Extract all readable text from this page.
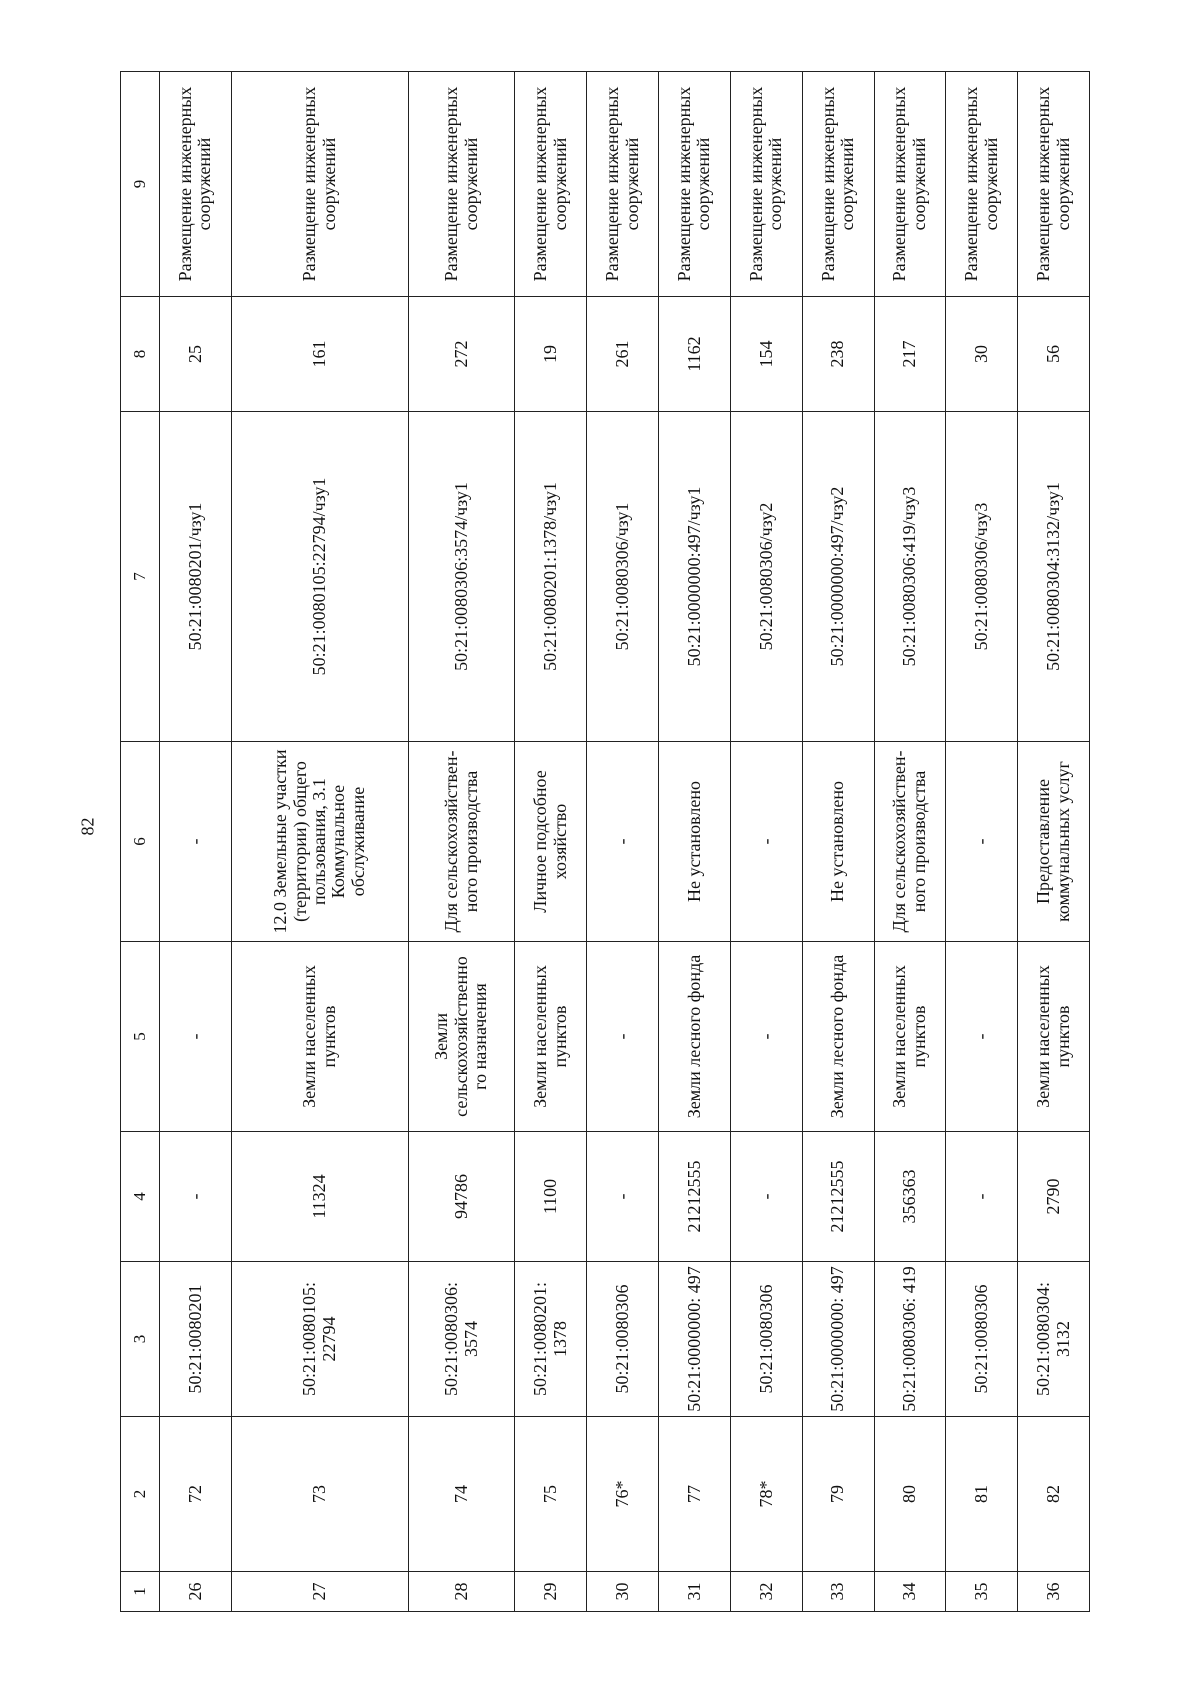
82
1	2	3	4	5	6	7	8	9
26	72	50:21:0080201	-	-	-	50:21:0080201/чзу1	25	Размещение инженерных сооружений
27	73	50:21:0080105: 22794	11324	Земли населенных пунктов	12.0 Земельные участки (территории) общего пользования, 3.1 Коммунальное обслуживание	50:21:0080105:22794/чзу1	161	Размещение инженерных сооружений
28	74	50:21:0080306: 3574	94786	Земли сельскохозяйственно го назначения	Для сельскохозяйствен- ного производства	50:21:0080306:3574/чзу1	272	Размещение инженерных сооружений
29	75	50:21:0080201: 1378	1100	Земли населенных пунктов	Личное подсобное хозяйство	50:21:0080201:1378/чзу1	19	Размещение инженерных сооружений
30	76*	50:21:0080306	-	-	-	50:21:0080306/чзу1	261	Размещение инженерных сооружений
31	77	50:21:0000000: 497	21212555	Земли лесного фонда	Не установлено	50:21:0000000:497/чзу1	1162	Размещение инженерных сооружений
32	78*	50:21:0080306	-	-	-	50:21:0080306/чзу2	154	Размещение инженерных сооружений
33	79	50:21:0000000: 497	21212555	Земли лесного фонда	Не установлено	50:21:0000000:497/чзу2	238	Размещение инженерных сооружений
34	80	50:21:0080306: 419	356363	Земли населенных пунктов	Для сельскохозяйствен- ного производства	50:21:0080306:419/чзу3	217	Размещение инженерных сооружений
35	81	50:21:0080306	-	-	-	50:21:0080306/чзу3	30	Размещение инженерных сооружений
36	82	50:21:0080304: 3132	2790	Земли населенных пунктов	Предоставление коммунальных услуг	50:21:0080304:3132/чзу1	56	Размещение инженерных сооружений
